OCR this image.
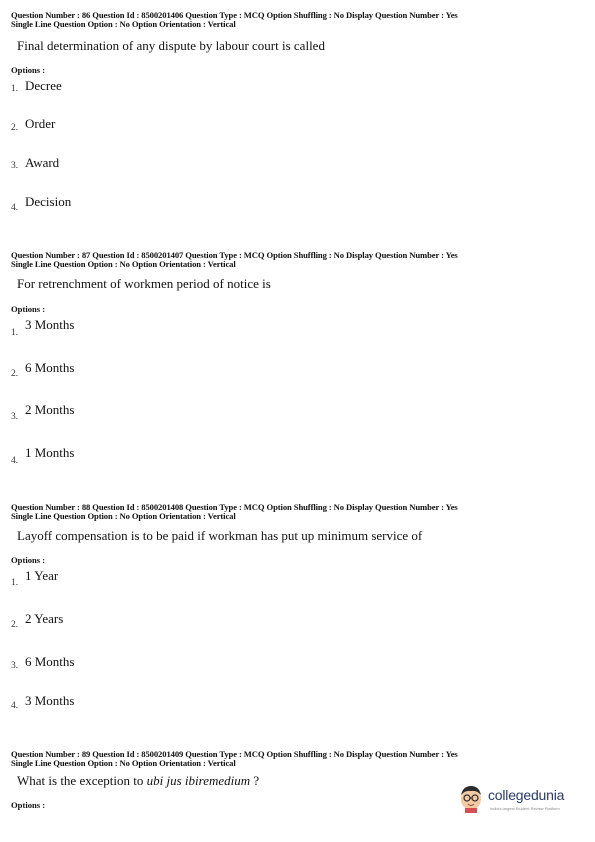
Question Number : 86 Question Id : 8500201406 Question Type : MCQ Option Shuffling : No Display Question Number : Yes
Single Line Question Option : No Option Orientation : Vertical
Final determination of any dispute by labour court is called
Options :
1. Decree
2. Order
3. Award
4. Decision
Question Number : 87 Question Id : 8500201407 Question Type : MCQ Option Shuffling : No Display Question Number : Yes
Single Line Question Option : No Option Orientation : Vertical
For retrenchment of workmen period of notice is
Options :
1.
3 Months
2. 6 Months
3. 2 Months
4.
1 Months
Question Number : 88 Question Id : 8500201408 Question Type : MCQ Option Shuffling : No Display Question Number : Yes
Single Line Question Option : No Option Orientation : Vertical
Layoff compensation is to be paid if workman has put up minimum service of
Options :
1. 1 Year
2. 2 Years
3. 6 Months
4. 3 Months
Question Number : 89 Question Id : 8500201409 Question Type : MCQ Option Shuffling : No Display Question Number : Yes
Single Line Question Option : No Option Orientation : Vertical
What is the exception to ubi jus ibiremedium ?
Options :
collegedunia
India's largest Student Review Platform
